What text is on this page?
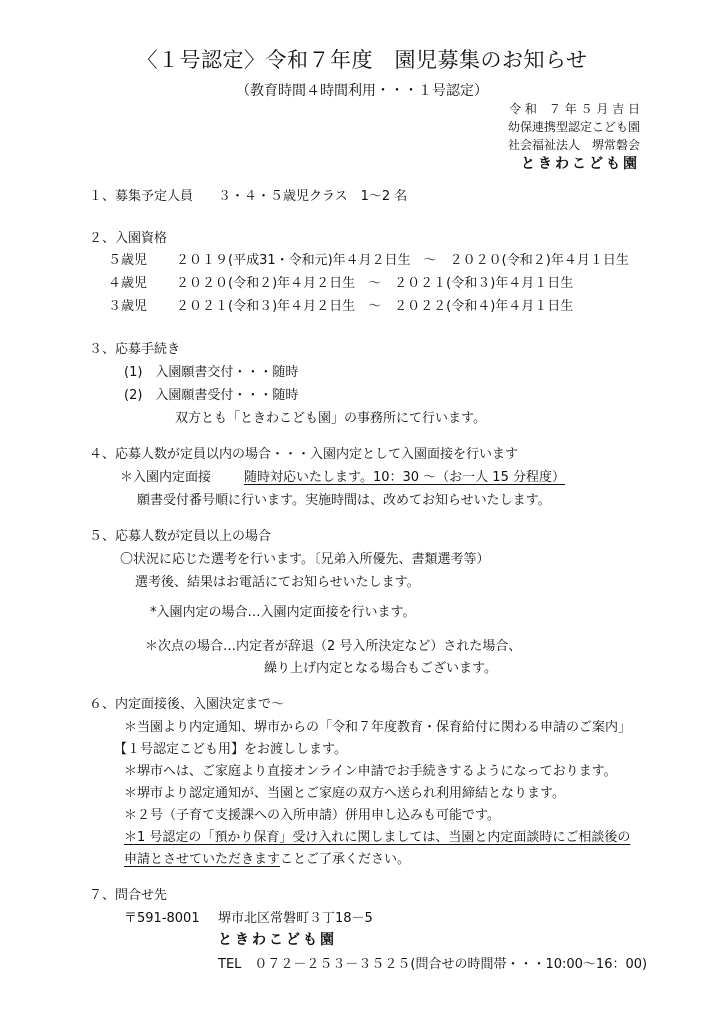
〈１号認定〉令和７年度　園児募集のお知らせ
（教育時間４時間利用・・・１号認定）
令 和　７ 年 ５ 月 吉 日
幼保連携型認定こども園
社会福祉法人　堺常磐会
ときわこども園
１、募集予定人員 ３・４・５歳児クラス　1～2 名
２、入園資格
５歳児 ２０１９(平成31・令和元)年４月２日生　～　２０２０(令和２)年４月１日生
４歳児 ２０２０(令和２)年４月２日生　～　２０２１(令和３)年４月１日生
３歳児 ２０２１(令和３)年４月２日生　～　２０２２(令和４)年４月１日生
３、応募手続き
(1)　入園願書交付・・・随時
(2)　入園願書受付・・・随時
双方とも「ときわこども園」の事務所にて行います。
４、応募人数が定員以内の場合・・・入園内定として入園面接を行います
＊入園内定面接	随時対応いたします。10：30 ～（お一人 15 分程度）
願書受付番号順に行います。実施時間は、改めてお知らせいたします。
５、応募人数が定員以上の場合
〇状況に応じた選考を行います。〔兄弟入所優先、書類選考等）
選考後、結果はお電話にてお知らせいたします。
*入園内定の場合…入園内定面接を行います。
＊次点の場合…内定者が辞退（2 号入所決定など）された場合、
繰り上げ内定となる場合もございます。
６、内定面接後、入園決定まで～
＊当園より内定通知、堺市からの「令和７年度教育・保育給付に関わる申請のご案内」
【１号認定こども用】をお渡しします。
＊堺市へは、ご家庭より直接オンライン申請でお手続きするようになっております。
＊堺市より認定通知が、当園とご家庭の双方へ送られ利用締結となります。
＊２号（子育て支援課への入所申請）併用申し込みも可能です。
＊1 号認定の「預かり保育」受け入れに関しましては、当園と内定面談時にご相談後の
申請とさせていただきますことご了承ください。
７、問合せ先
〒591-8001 堺市北区常磐町３丁18－5
ときわこども園
TEL　０７２－２５３－３５２５(問合せの時間帯・・・10:00～16：00)
